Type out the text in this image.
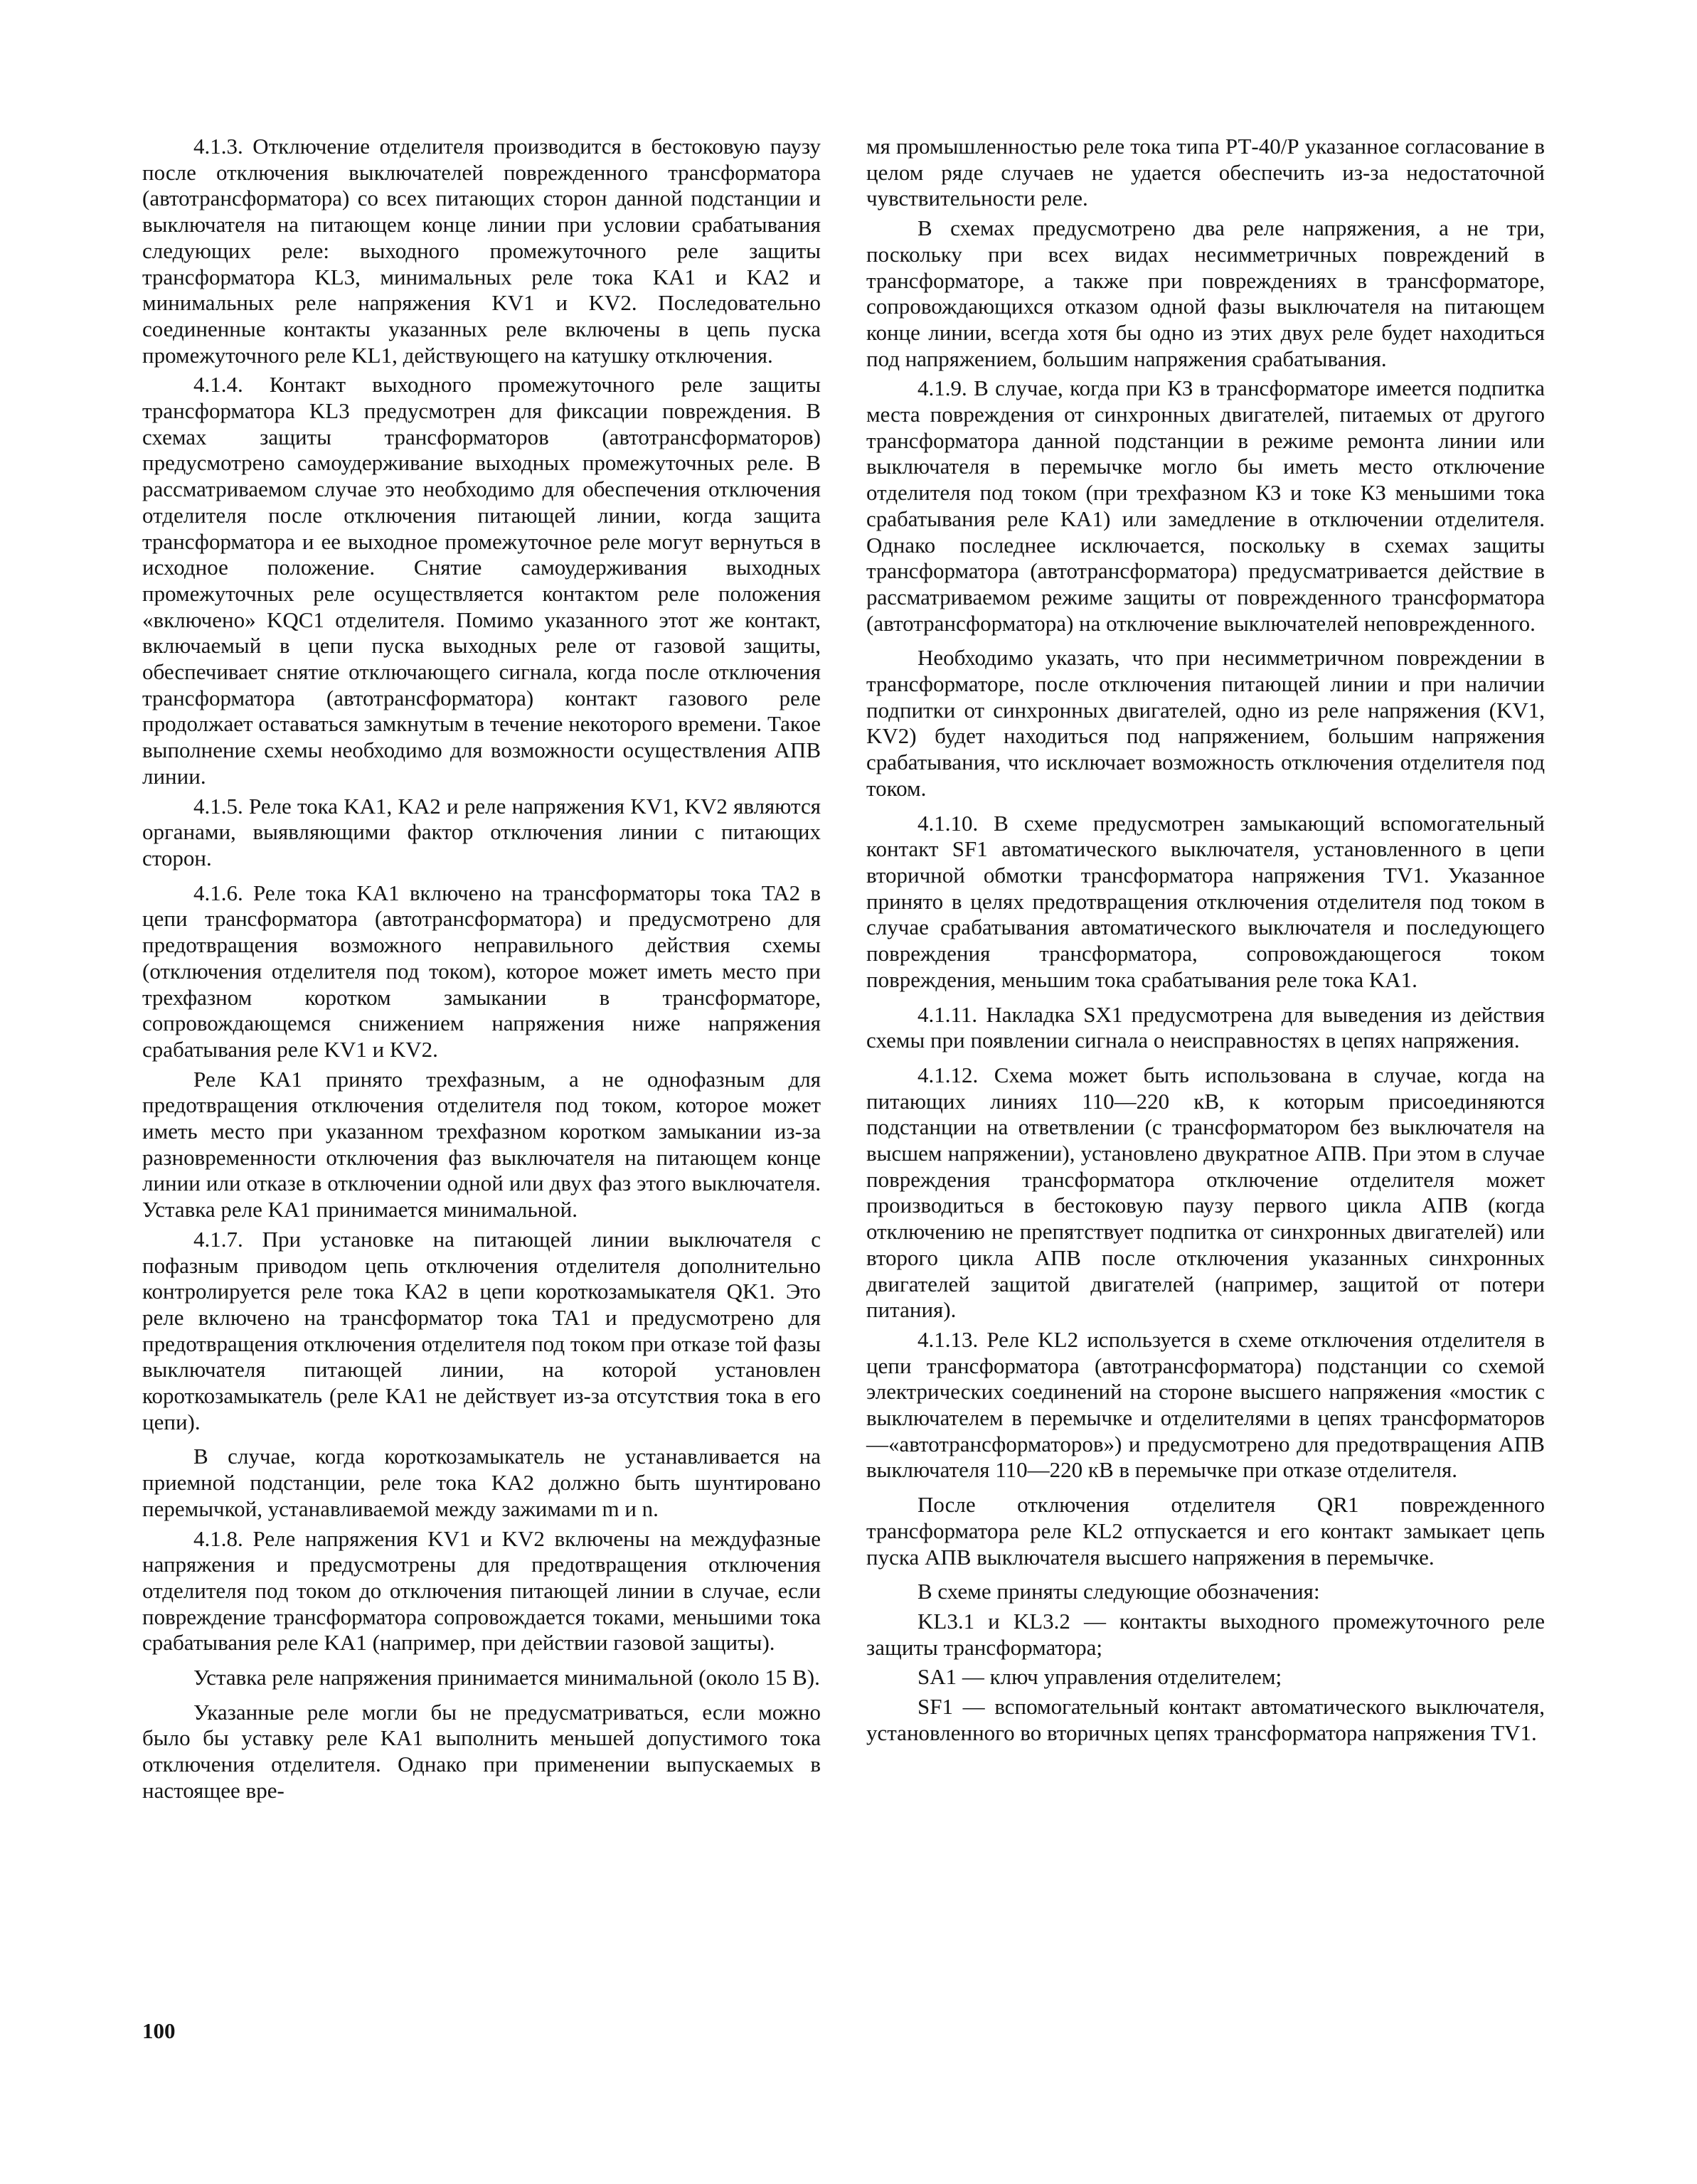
4.1.3. Отключение отделителя производится в бестоковую паузу после отключения выключателей поврежденного трансформатора (автотрансформатора) со всех питающих сторон данной подстанции и выключателя на питающем конце линии при условии срабатывания следующих реле: выходного промежуточного реле защиты трансформатора KL3, минимальных реле тока KA1 и KA2 и минимальных реле напряжения KV1 и KV2. Последовательно соединенные контакты указанных реле включены в цепь пуска промежуточного реле KL1, действующего на катушку отключения.

4.1.4. Контакт выходного промежуточного реле защиты трансформатора KL3 предусмотрен для фиксации повреждения. В схемах защиты трансформаторов (автотрансформаторов) предусмотрено самоудерживание выходных промежуточных реле. В рассматриваемом случае это необходимо для обеспечения отключения отделителя после отключения питающей линии, когда защита трансформатора и ее выходное промежуточное реле могут вернуться в исходное положение. Снятие самоудерживания выходных промежуточных реле осуществляется контактом реле положения «включено» KQC1 отделителя. Помимо указанного этот же контакт, включаемый в цепи пуска выходных реле от газовой защиты, обеспечивает снятие отключающего сигнала, когда после отключения трансформатора (автотрансформатора) контакт газового реле продолжает оставаться замкнутым в течение некоторого времени. Такое выполнение схемы необходимо для возможности осуществления АПВ линии.

4.1.5. Реле тока KA1, KA2 и реле напряжения KV1, KV2 являются органами, выявляющими фактор отключения линии с питающих сторон.

4.1.6. Реле тока KA1 включено на трансформаторы тока TA2 в цепи трансформатора (автотрансформатора) и предусмотрено для предотвращения возможного неправильного действия схемы (отключения отделителя под током), которое может иметь место при трехфазном коротком замыкании в трансформаторе, сопровождающемся снижением напряжения ниже напряжения срабатывания реле KV1 и KV2.

Реле KA1 принято трехфазным, а не однофазным для предотвращения отключения отделителя под током, которое может иметь место при указанном трехфазном коротком замыкании из-за разновременности отключения фаз выключателя на питающем конце линии или отказе в отключении одной или двух фаз этого выключателя. Уставка реле KA1 принимается минимальной.

4.1.7. При установке на питающей линии выключателя с пофазным приводом цепь отключения отделителя дополнительно контролируется реле тока KA2 в цепи короткозамыкателя QK1. Это реле включено на трансформатор тока TA1 и предусмотрено для предотвращения отключения отделителя под током при отказе той фазы выключателя питающей линии, на которой установлен короткозамыкатель (реле KA1 не действует из-за отсутствия тока в его цепи).

В случае, когда короткозамыкатель не устанавливается на приемной подстанции, реле тока KA2 должно быть шунтировано перемычкой, устанавливаемой между зажимами m и n.

4.1.8. Реле напряжения KV1 и KV2 включены на междуфазные напряжения и предусмотрены для предотвращения отключения отделителя под током до отключения питающей линии в случае, если повреждение трансформатора сопровождается токами, меньшими тока срабатывания реле KA1 (например, при действии газовой защиты).

Уставка реле напряжения принимается минимальной (около 15 В).

Указанные реле могли бы не предусматриваться, если можно было бы уставку реле KA1 выполнить меньшей допустимого тока отключения отделителя. Однако при применении выпускаемых в настоящее вре-

мя промышленностью реле тока типа РТ-40/Р указанное согласование в целом ряде случаев не удается обеспечить из-за недостаточной чувствительности реле.

В схемах предусмотрено два реле напряжения, а не три, поскольку при всех видах несимметричных повреждений в трансформаторе, а также при повреждениях в трансформаторе, сопровождающихся отказом одной фазы выключателя на питающем конце линии, всегда хотя бы одно из этих двух реле будет находиться под напряжением, большим напряжения срабатывания.

4.1.9. В случае, когда при КЗ в трансформаторе имеется подпитка места повреждения от синхронных двигателей, питаемых от другого трансформатора данной подстанции в режиме ремонта линии или выключателя в перемычке могло бы иметь место отключение отделителя под током (при трехфазном КЗ и токе КЗ меньшими тока срабатывания реле KA1) или замедление в отключении отделителя. Однако последнее исключается, поскольку в схемах защиты трансформатора (автотрансформатора) предусматривается действие в рассматриваемом режиме защиты от поврежденного трансформатора (автотрансформатора) на отключение выключателей неповрежденного.

Необходимо указать, что при несимметричном повреждении в трансформаторе, после отключения питающей линии и при наличии подпитки от синхронных двигателей, одно из реле напряжения (KV1, KV2) будет находиться под напряжением, большим напряжения срабатывания, что исключает возможность отключения отделителя под током.

4.1.10. В схеме предусмотрен замыкающий вспомогательный контакт SF1 автоматического выключателя, установленного в цепи вторичной обмотки трансформатора напряжения TV1. Указанное принято в целях предотвращения отключения отделителя под током в случае срабатывания автоматического выключателя и последующего повреждения трансформатора, сопровождающегося током повреждения, меньшим тока срабатывания реле тока KA1.

4.1.11. Накладка SX1 предусмотрена для выведения из действия схемы при появлении сигнала о неисправностях в цепях напряжения.

4.1.12. Схема может быть использована в случае, когда на питающих линиях 110—220 кВ, к которым присоединяются подстанции на ответвлении (с трансформатором без выключателя на высшем напряжении), установлено двукратное АПВ. При этом в случае повреждения трансформатора отключение отделителя может производиться в бестоковую паузу первого цикла АПВ (когда отключению не препятствует подпитка от синхронных двигателей) или второго цикла АПВ после отключения указанных синхронных двигателей защитой двигателей (например, защитой от потери питания).

4.1.13. Реле KL2 используется в схеме отключения отделителя в цепи трансформатора (автотрансформатора) подстанции со схемой электрических соединений на стороне высшего напряжения «мостик с выключателем в перемычке и отделителями в цепях трансформаторов —«автотрансформаторов») и предусмотрено для предотвращения АПВ выключателя 110—220 кВ в перемычке при отказе отделителя.

После отключения отделителя QR1 поврежденного трансформатора реле KL2 отпускается и его контакт замыкает цепь пуска АПВ выключателя высшего напряжения в перемычке.

В схеме приняты следующие обозначения:

KL3.1 и KL3.2 — контакты выходного промежуточного реле защиты трансформатора;

SA1 — ключ управления отделителем;

SF1 — вспомогательный контакт автоматического выключателя, установленного во вторичных цепях трансформатора напряжения TV1.

100
